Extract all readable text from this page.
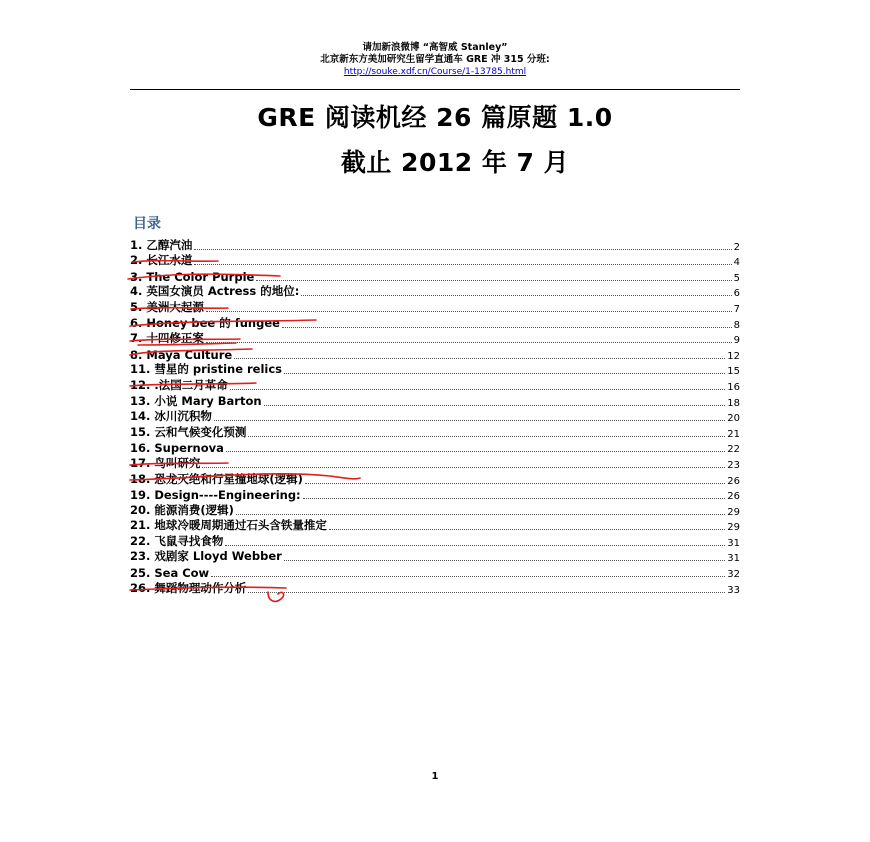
请加新浪微博 “高智威 Stanley”
北京新东方美加研究生留学直通车 GRE 冲 315 分班:
http://souke.xdf.cn/Course/1-13785.html
GRE 阅读机经 26 篇原题 1.0
截止 2012 年 7 月
目录
1. 乙醇汽油	2
2. 长江水道	4
3. The Color Purple	5
4. 英国女演员 Actress 的地位:	6
5. 美洲大起源	7
6. Honey bee 的 fungee	8
7. 十四修正案	9
8. Maya Culture	12
11. 彗星的 pristine relics	15
12. .法国二月革命	16
13. 小说 Mary Barton	18
14. 冰川沉积物	20
15. 云和气候变化预测	21
16. Supernova	22
17. 鸟叫研究	23
18. 恐龙灭绝和行星撞地球(逻辑)	26
19. Design----Engineering:	26
20. 能源消费(逻辑)	29
21. 地球冷暖周期通过石头含铁量推定	29
22. 飞鼠寻找食物	31
23. 戏剧家 Lloyd Webber	31
25. Sea Cow	32
26. 舞蹈物理动作分析	33
1
